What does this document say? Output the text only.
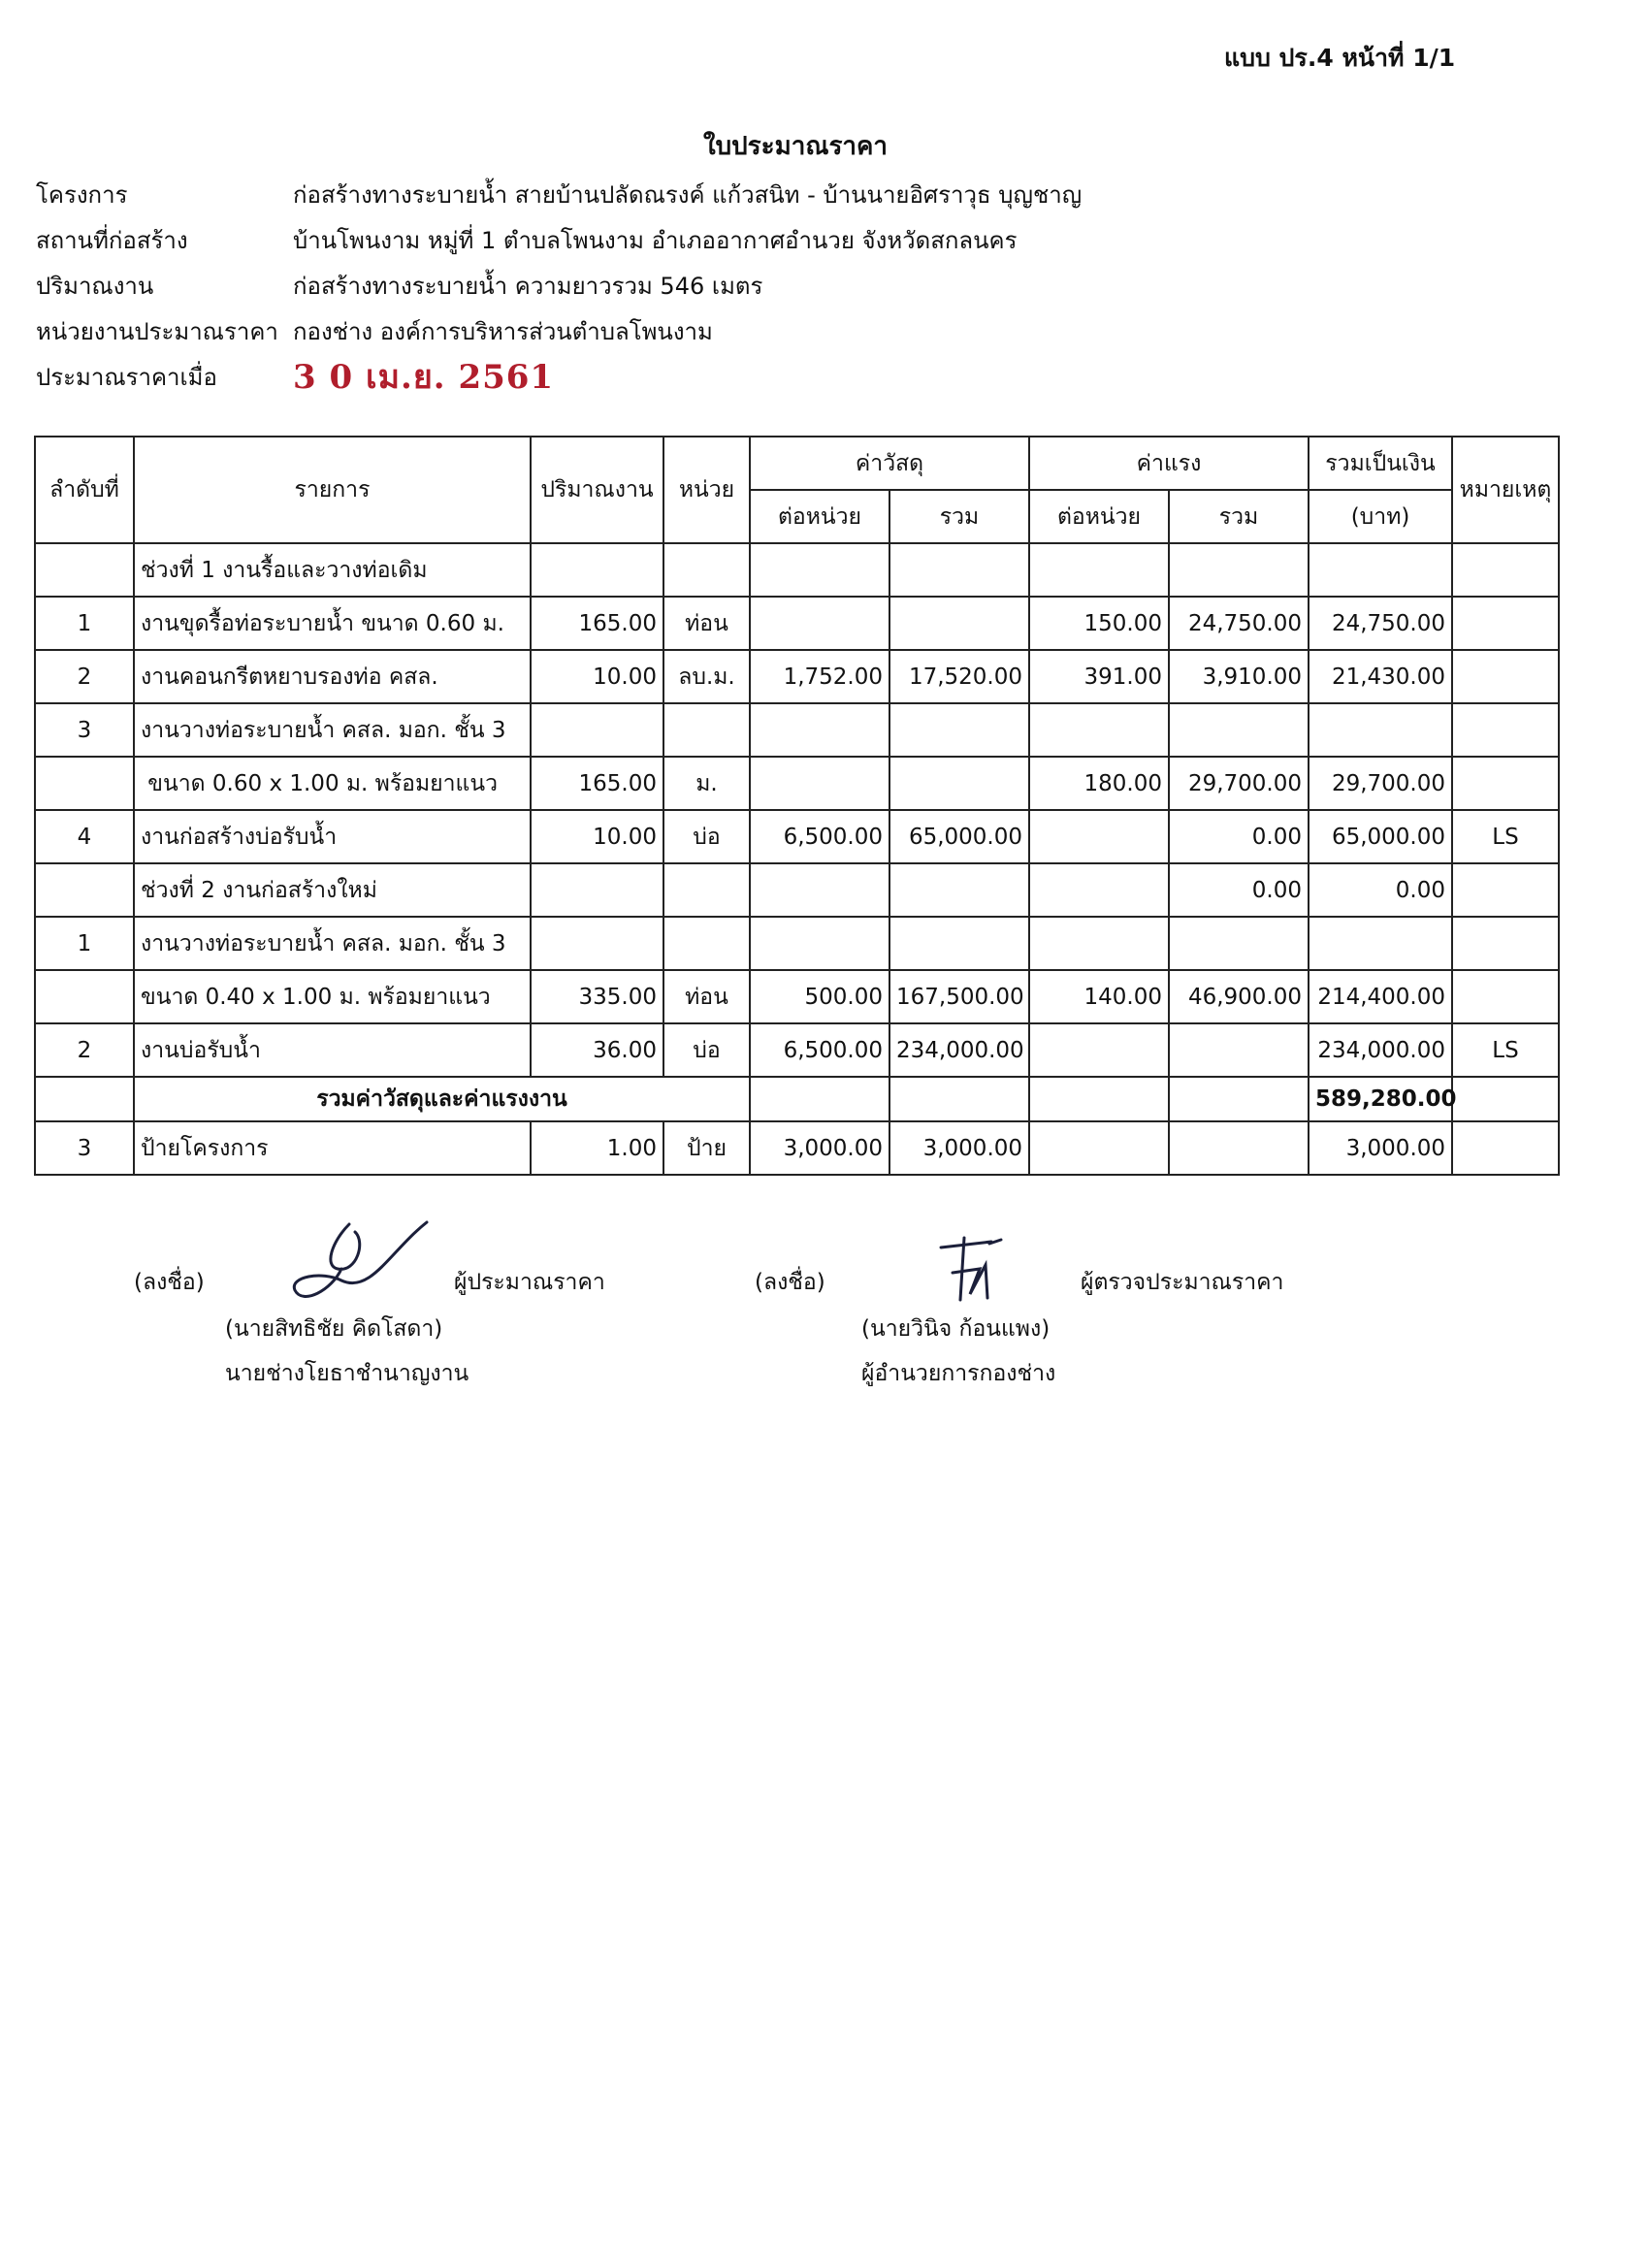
แบบ ปร.4 หน้าที่ 1/1
ใบประมาณราคา
โครงการ	ก่อสร้างทางระบายน้ำ สายบ้านปลัดณรงค์ แก้วสนิท - บ้านนายอิศราวุธ บุญชาญ
สถานที่ก่อสร้าง	บ้านโพนงาม หมู่ที่ 1 ตำบลโพนงาม อำเภออากาศอำนวย จังหวัดสกลนคร
ปริมาณงาน	ก่อสร้างทางระบายน้ำ ความยาวรวม 546 เมตร
หน่วยงานประมาณราคา กองช่าง องค์การบริหารส่วนตำบลโพนงาม
ประมาณราคาเมื่อ	3 0 เม.ย. 2561
ลำดับที่	รายการ	ปริมาณงาน	หน่วย	ค่าวัสดุ		ค่าแรง		รวมเป็นเงิน	หมายเหตุ
				ต่อหน่วย	รวม	ต่อหน่วย	รวม	(บาท)	
	ช่วงที่ 1 งานรื้อและวางท่อเดิม								
1	งานขุดรื้อท่อระบายน้ำ ขนาด 0.60 ม.	165.00	ท่อน			150.00	24,750.00	24,750.00	
2	งานคอนกรีตหยาบรองท่อ คสล.	10.00	ลบ.ม.	1,752.00	17,520.00	391.00	3,910.00	21,430.00	
3	งานวางท่อระบายน้ำ คสล. มอก. ชั้น 3								
	ขนาด 0.60 x 1.00 ม. พร้อมยาแนว	165.00	ม.			180.00	29,700.00	29,700.00	
4	งานก่อสร้างบ่อรับน้ำ	10.00	บ่อ	6,500.00	65,000.00		0.00	65,000.00	LS
	ช่วงที่ 2 งานก่อสร้างใหม่						0.00	0.00	
1	งานวางท่อระบายน้ำ คสล. มอก. ชั้น 3								
	ขนาด 0.40 x 1.00 ม. พร้อมยาแนว	335.00	ท่อน	500.00	167,500.00	140.00	46,900.00	214,400.00	
2	งานบ่อรับน้ำ	36.00	บ่อ	6,500.00	234,000.00			234,000.00	LS
	รวมค่าวัสดุและค่าแรงงาน							589,280.00	
3	ป้ายโครงการ	1.00	ป้าย	3,000.00	3,000.00			3,000.00	
(ลงชื่อ)	ผู้ประมาณราคา
(นายสิทธิชัย คิดโสดา)
นายช่างโยธาชำนาญงาน
(ลงชื่อ)	ผู้ตรวจประมาณราคา
(นายวินิจ ก้อนแพง)
ผู้อำนวยการกองช่าง
